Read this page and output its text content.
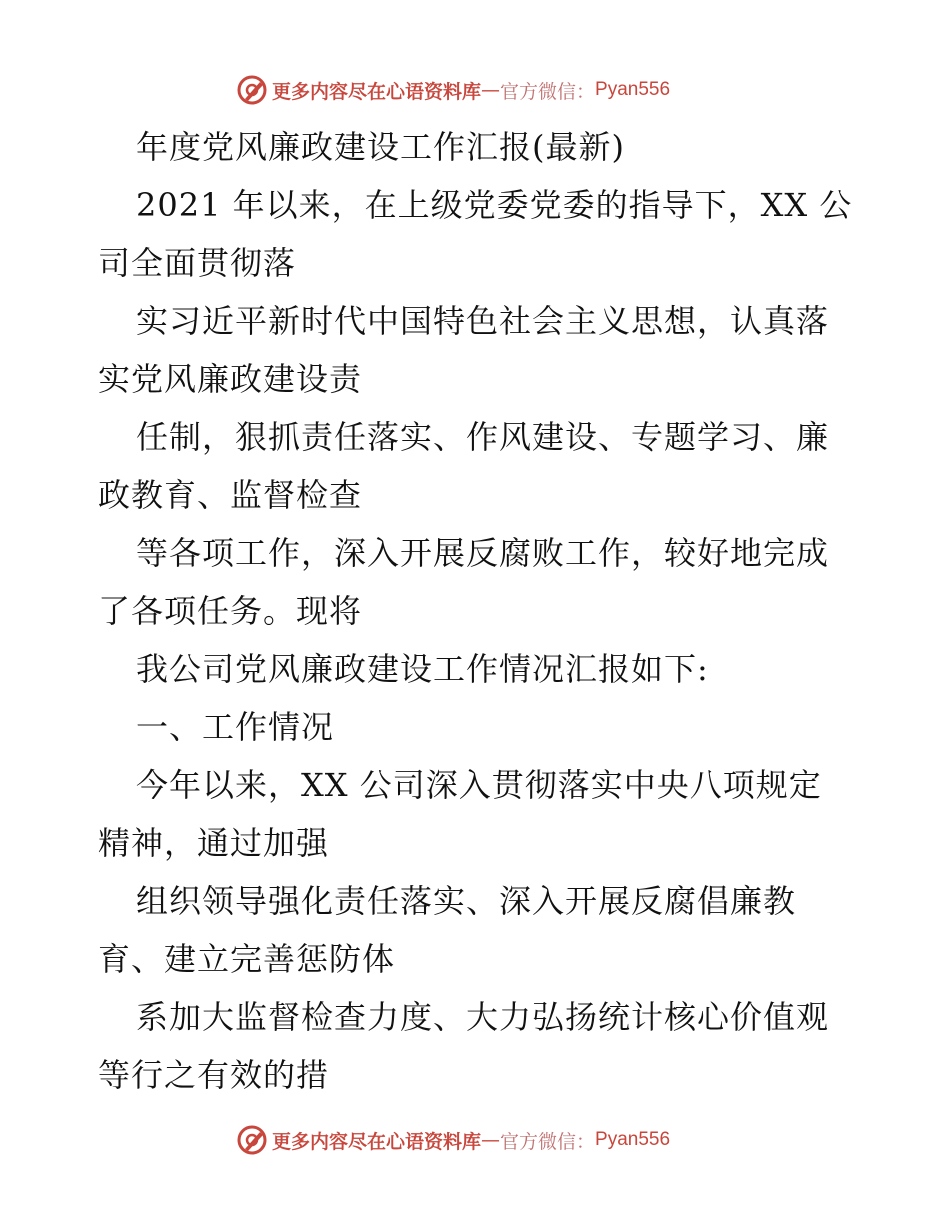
更多内容尽在心语资料库 — 官方微信： Pyan556
年度党风廉政建设工作汇报(最新)
2021 年以来，在上级党委党委的指导下，XX 公
司全面贯彻落
实习近平新时代中国特色社会主义思想，认真落
实党风廉政建设责
任制，狠抓责任落实、作风建设、专题学习、廉
政教育、监督检查
等各项工作，深入开展反腐败工作，较好地完成
了各项任务。现将
我公司党风廉政建设工作情况汇报如下:
一、工作情况
今年以来，XX 公司深入贯彻落实中央八项规定
精神，通过加强
组织领导强化责任落实、深入开展反腐倡廉教
育、建立完善惩防体
系加大监督检查力度、大力弘扬统计核心价值观
等行之有效的措
更多内容尽在心语资料库 — 官方微信： Pyan556
